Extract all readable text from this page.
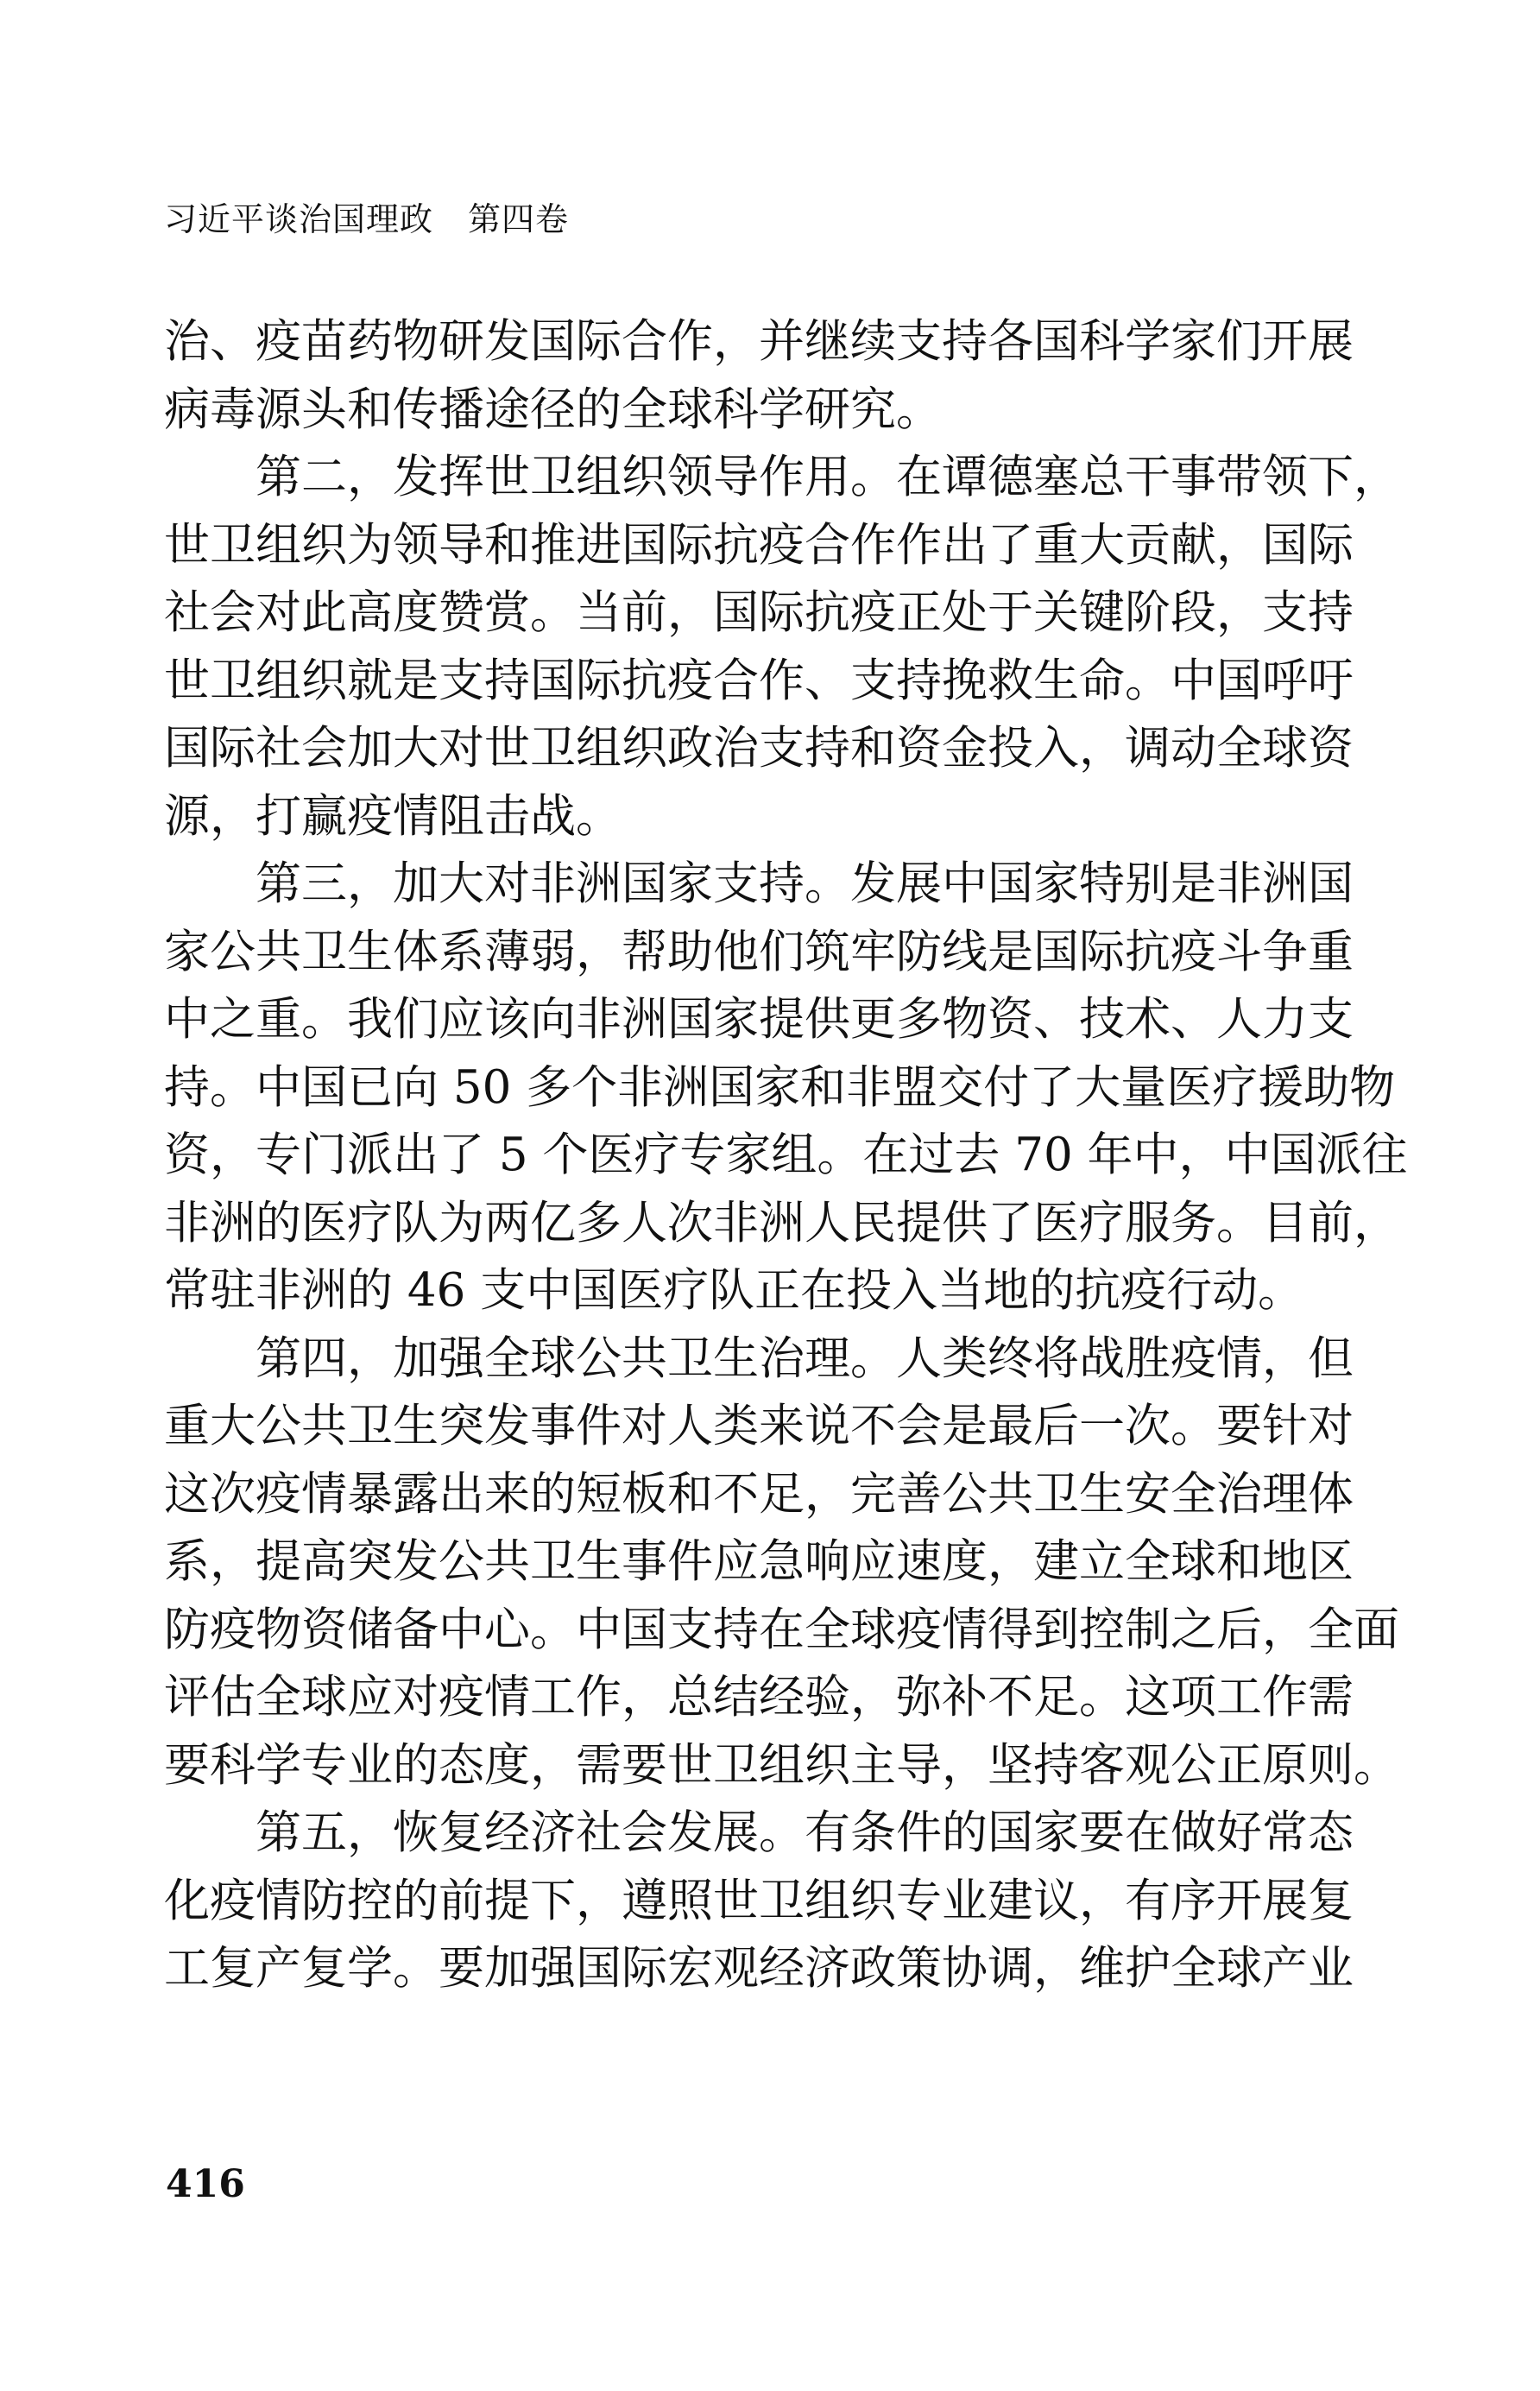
习近平谈治国理政 第四卷
治、疫苗药物研发国际合作，并继续支持各国科学家们开展
病毒源头和传播途径的全球科学研究。
第二，发挥世卫组织领导作用。在谭德塞总干事带领下，
世卫组织为领导和推进国际抗疫合作作出了重大贡献，国际
社会对此高度赞赏。当前，国际抗疫正处于关键阶段，支持
世卫组织就是支持国际抗疫合作、支持挽救生命。中国呼吁
国际社会加大对世卫组织政治支持和资金投入，调动全球资
源，打赢疫情阻击战。
第三，加大对非洲国家支持。发展中国家特别是非洲国
家公共卫生体系薄弱，帮助他们筑牢防线是国际抗疫斗争重
中之重。我们应该向非洲国家提供更多物资、技术、人力支
持。中国已向 50 多个非洲国家和非盟交付了大量医疗援助物
资，专门派出了 5 个医疗专家组。在过去 70 年中，中国派往
非洲的医疗队为两亿多人次非洲人民提供了医疗服务。目前，
常驻非洲的 46 支中国医疗队正在投入当地的抗疫行动。
第四，加强全球公共卫生治理。人类终将战胜疫情，但
重大公共卫生突发事件对人类来说不会是最后一次。要针对
这次疫情暴露出来的短板和不足，完善公共卫生安全治理体
系，提高突发公共卫生事件应急响应速度，建立全球和地区
防疫物资储备中心。中国支持在全球疫情得到控制之后，全面
评估全球应对疫情工作，总结经验，弥补不足。这项工作需
要科学专业的态度，需要世卫组织主导，坚持客观公正原则。
第五，恢复经济社会发展。有条件的国家要在做好常态
化疫情防控的前提下，遵照世卫组织专业建议，有序开展复
工复产复学。要加强国际宏观经济政策协调，维护全球产业
416
